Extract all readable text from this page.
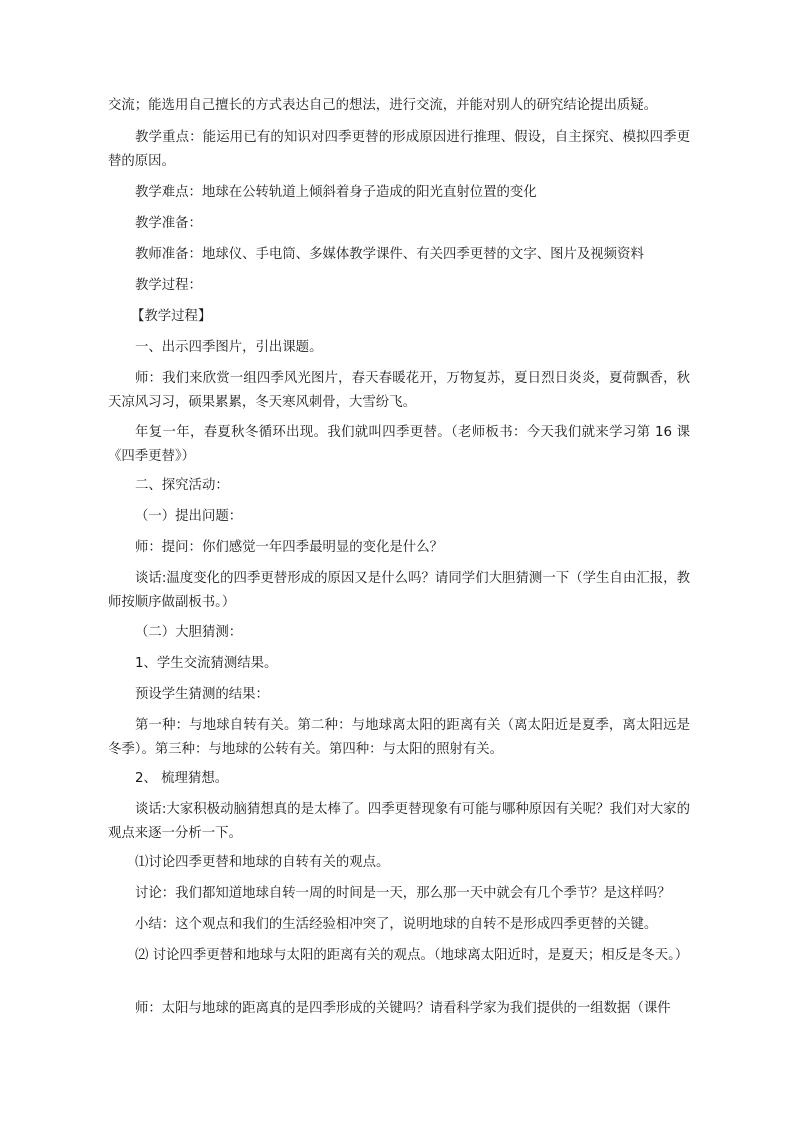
交流；能选用自己擅长的方式表达自己的想法，进行交流，并能对别人的研究结论提出质疑。

教学重点：能运用已有的知识对四季更替的形成原因进行推理、假设，自主探究、模拟四季更替的原因。

教学难点：地球在公转轨道上倾斜着身子造成的阳光直射位置的变化

教学准备：

教师准备：地球仪、手电筒、多媒体教学课件、有关四季更替的文字、图片及视频资料

教学过程：

【教学过程】

一、出示四季图片，引出课题。

师：我们来欣赏一组四季风光图片，春天春暖花开，万物复苏，夏日烈日炎炎，夏荷飘香，秋天凉风习习，硕果累累，冬天寒风刺骨，大雪纷飞。

年复一年，春夏秋冬循环出现。我们就叫四季更替。（老师板书：今天我们就来学习第 16 课《四季更替》）

二、探究活动：

（一）提出问题：

师：提问：你们感觉一年四季最明显的变化是什么？

谈话:温度变化的四季更替形成的原因又是什么吗？请同学们大胆猜测一下（学生自由汇报，教师按顺序做副板书。）

（二）大胆猜测：

1、学生交流猜测结果。

预设学生猜测的结果：

第一种：与地球自转有关。第二种：与地球离太阳的距离有关（离太阳近是夏季，离太阳远是冬季）。第三种：与地球的公转有关。第四种：与太阳的照射有关。

2、 梳理猜想。

谈话:大家积极动脑猜想真的是太棒了。四季更替现象有可能与哪种原因有关呢？我们对大家的观点来逐一分析一下。

⑴讨论四季更替和地球的自转有关的观点。

讨论：我们都知道地球自转一周的时间是一天，那么那一天中就会有几个季节？是这样吗？

小结：这个观点和我们的生活经验相冲突了，说明地球的自转不是形成四季更替的关键。

⑵ 讨论四季更替和地球与太阳的距离有关的观点。（地球离太阳近时，是夏天；相反是冬天。）

师：太阳与地球的距离真的是四季形成的关键吗？请看科学家为我们提供的一组数据（课件
